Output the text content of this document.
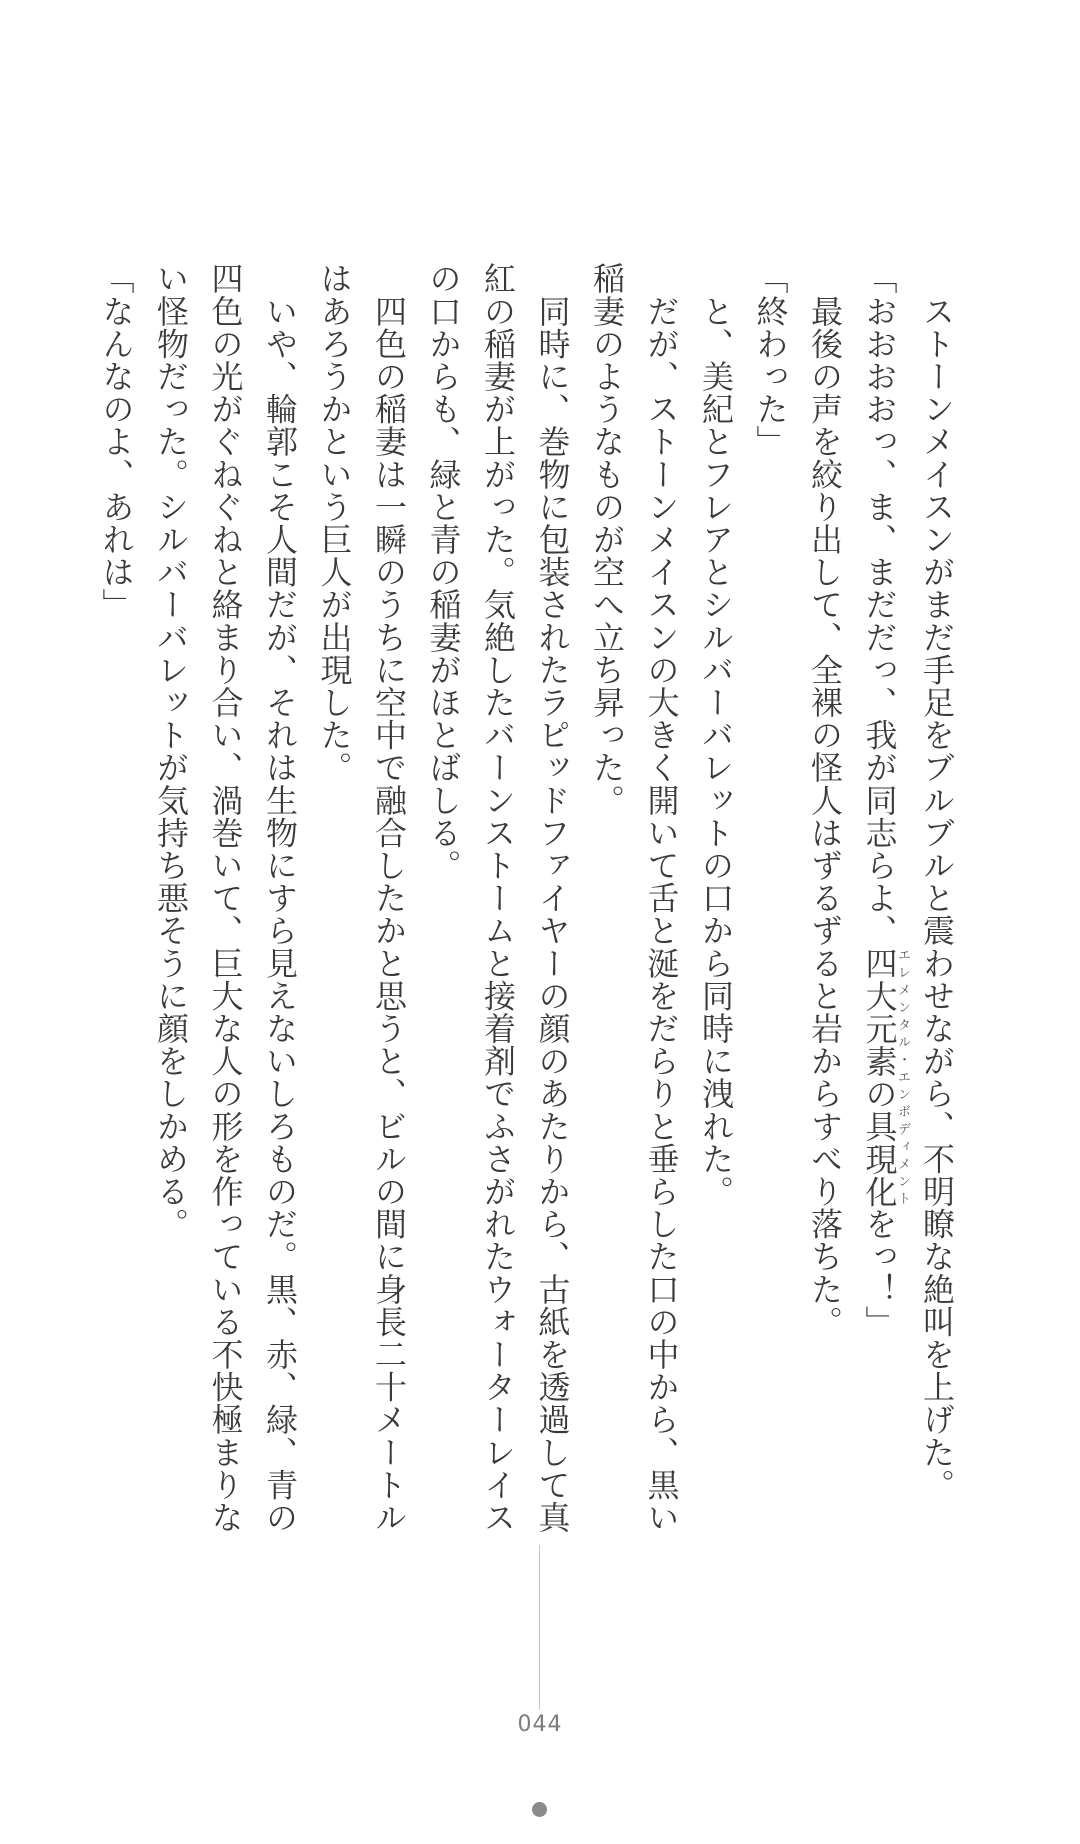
　ストーンメイスンがまだ手足をブルブルと震わせながら、不明瞭な絶叫を上げた。

「おおおおっ、ま、まだだっ、我が同志らよ、四大元素の具現化エレメンタル・エンボディメントをっ！」

　最後の声を絞り出して、全裸の怪人はずるずると岩からすべり落ちた。

「終わった」

　と、美紀とフレアとシルバーバレットの口から同時に洩れた。

　だが、ストーンメイスンの大きく開いて舌と涎をだらりと垂らした口の中から、黒い稲妻のようなものが空へ立ち昇った。

　同時に、巻物に包装されたラピッドファイヤーの顔のあたりから、古紙を透過して真紅の稲妻が上がった。気絶したバーンストームと接着剤でふさがれたウォーターレイスの口からも、緑と青の稲妻がほとばしる。

　四色の稲妻は一瞬のうちに空中で融合したかと思うと、ビルの間に身長二十メートルはあろうかという巨人が出現した。

　いや、輪郭こそ人間だが、それは生物にすら見えないしろものだ。黒、赤、緑、青の四色の光がぐねぐねと絡まり合い、渦巻いて、巨大な人の形を作っている不快極まりない怪物だった。シルバーバレットが気持ち悪そうに顔をしかめる。

「なんなのよ、あれは」

044
